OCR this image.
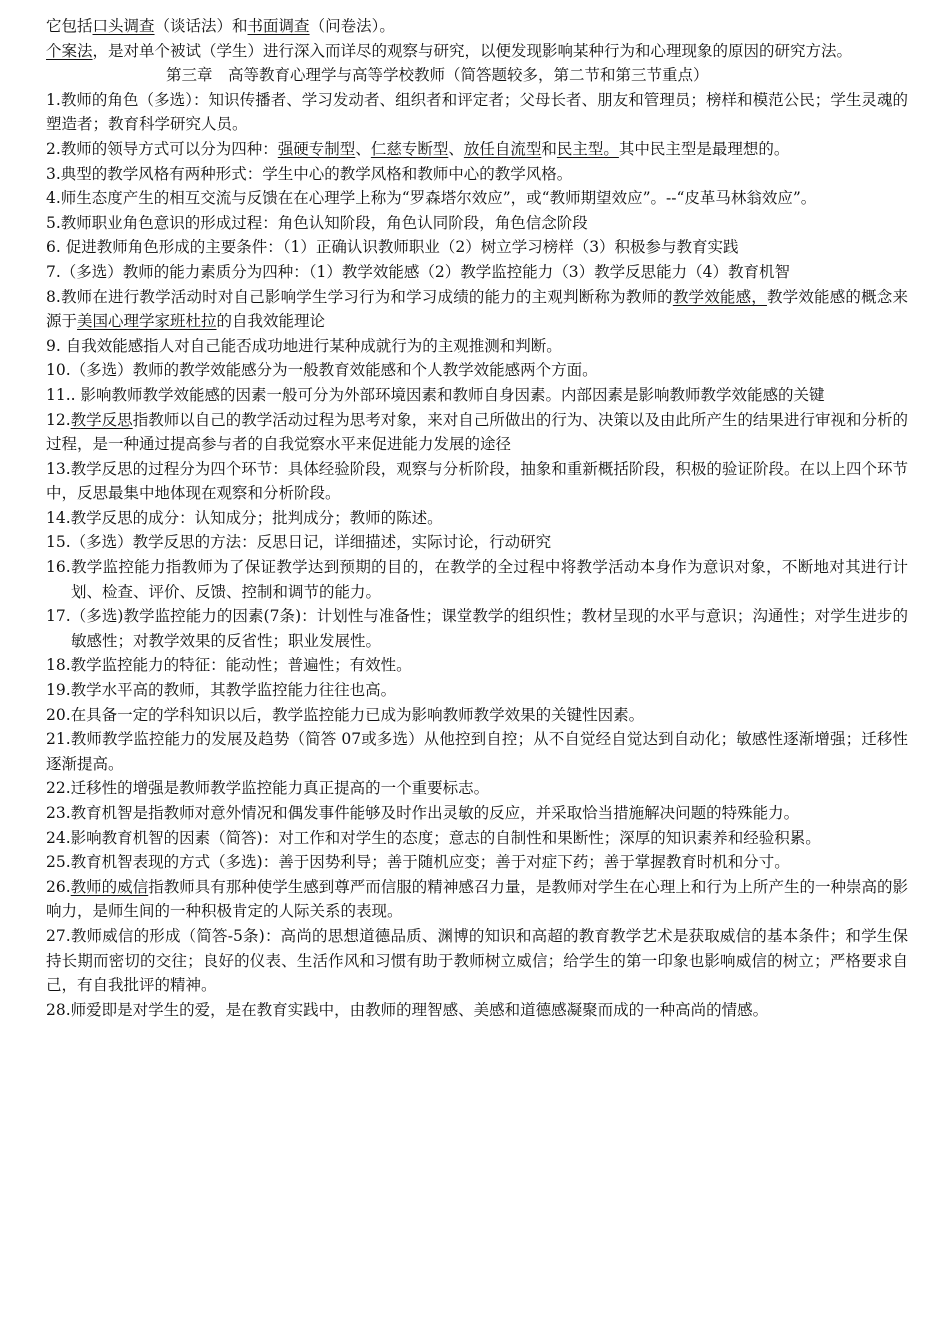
它包括口头调查（谈话法）和书面调查（问卷法）。

个案法，是对单个被试（学生）进行深入而详尽的观察与研究，以便发现影响某种行为和心理现象的原因的研究方法。

第三章　高等教育心理学与高等学校教师（简答题较多，第二节和第三节重点）

1.教师的角色（多选）：知识传播者、学习发动者、组织者和评定者；父母长者、朋友和管理员；榜样和模范公民；学生灵魂的塑造者；教育科学研究人员。

2.教师的领导方式可以分为四种：强硬专制型、仁慈专断型、放任自流型和民主型。其中民主型是最理想的。

3.典型的教学风格有两种形式：学生中心的教学风格和教师中心的教学风格。

4.师生态度产生的相互交流与反馈在在心理学上称为“罗森塔尔效应”，或“教师期望效应”。--“皮革马林翁效应”。

5.教师职业角色意识的形成过程：角色认知阶段，角色认同阶段，角色信念阶段

6. 促进教师角色形成的主要条件：（1）正确认识教师职业（2）树立学习榜样（3）积极参与教育实践

7.（多选）教师的能力素质分为四种：（1）教学效能感（2）教学监控能力（3）教学反思能力（4）教育机智

8.教师在进行教学活动时对自己影响学生学习行为和学习成绩的能力的主观判断称为教师的教学效能感，教学效能感的概念来源于美国心理学家班杜拉的自我效能理论

9. 自我效能感指人对自己能否成功地进行某种成就行为的主观推测和判断。

10.（多选）教师的教学效能感分为一般教育效能感和个人教学效能感两个方面。

11.. 影响教师教学效能感的因素一般可分为外部环境因素和教师自身因素。内部因素是影响教师教学效能感的关键

12.教学反思指教师以自己的教学活动过程为思考对象，来对自己所做出的行为、决策以及由此所产生的结果进行审视和分析的过程，是一种通过提高参与者的自我觉察水平来促进能力发展的途径

13.教学反思的过程分为四个环节：具体经验阶段，观察与分析阶段，抽象和重新概括阶段，积极的验证阶段。在以上四个环节中，反思最集中地体现在观察和分析阶段。

14.教学反思的成分：认知成分；批判成分；教师的陈述。

15.（多选）教学反思的方法：反思日记，详细描述，实际讨论，行动研究

16.教学监控能力指教师为了保证教学达到预期的目的，在教学的全过程中将教学活动本身作为意识对象，不断地对其进行计划、检查、评价、反馈、控制和调节的能力。

17.（多选)教学监控能力的因素(7条)：计划性与准备性；课堂教学的组织性；教材呈现的水平与意识；沟通性；对学生进步的敏感性；对教学效果的反省性；职业发展性。

18.教学监控能力的特征：能动性；普遍性；有效性。

19.教学水平高的教师，其教学监控能力往往也高。

20.在具备一定的学科知识以后，教学监控能力已成为影响教师教学效果的关键性因素。

21.教师教学监控能力的发展及趋势（简答 07或多选）从他控到自控；从不自觉经自觉达到自动化；敏感性逐渐增强；迁移性逐渐提高。

22.迁移性的增强是教师教学监控能力真正提高的一个重要标志。

23.教育机智是指教师对意外情况和偶发事件能够及时作出灵敏的反应，并采取恰当措施解决问题的特殊能力。

24.影响教育机智的因素（简答)：对工作和对学生的态度；意志的自制性和果断性；深厚的知识素养和经验积累。

25.教育机智表现的方式（多选)：善于因势利导；善于随机应变；善于对症下药；善于掌握教育时机和分寸。

26.教师的威信指教师具有那种使学生感到尊严而信服的精神感召力量，是教师对学生在心理上和行为上所产生的一种崇高的影响力，是师生间的一种积极肯定的人际关系的表现。

27.教师威信的形成（简答-5条)：高尚的思想道德品质、渊博的知识和高超的教育教学艺术是获取威信的基本条件；和学生保持长期而密切的交往；良好的仪表、生活作风和习惯有助于教师树立威信；给学生的第一印象也影响威信的树立；严格要求自己，有自我批评的精神。

28.师爱即是对学生的爱，是在教育实践中，由教师的理智感、美感和道德感凝聚而成的一种高尚的情感。
